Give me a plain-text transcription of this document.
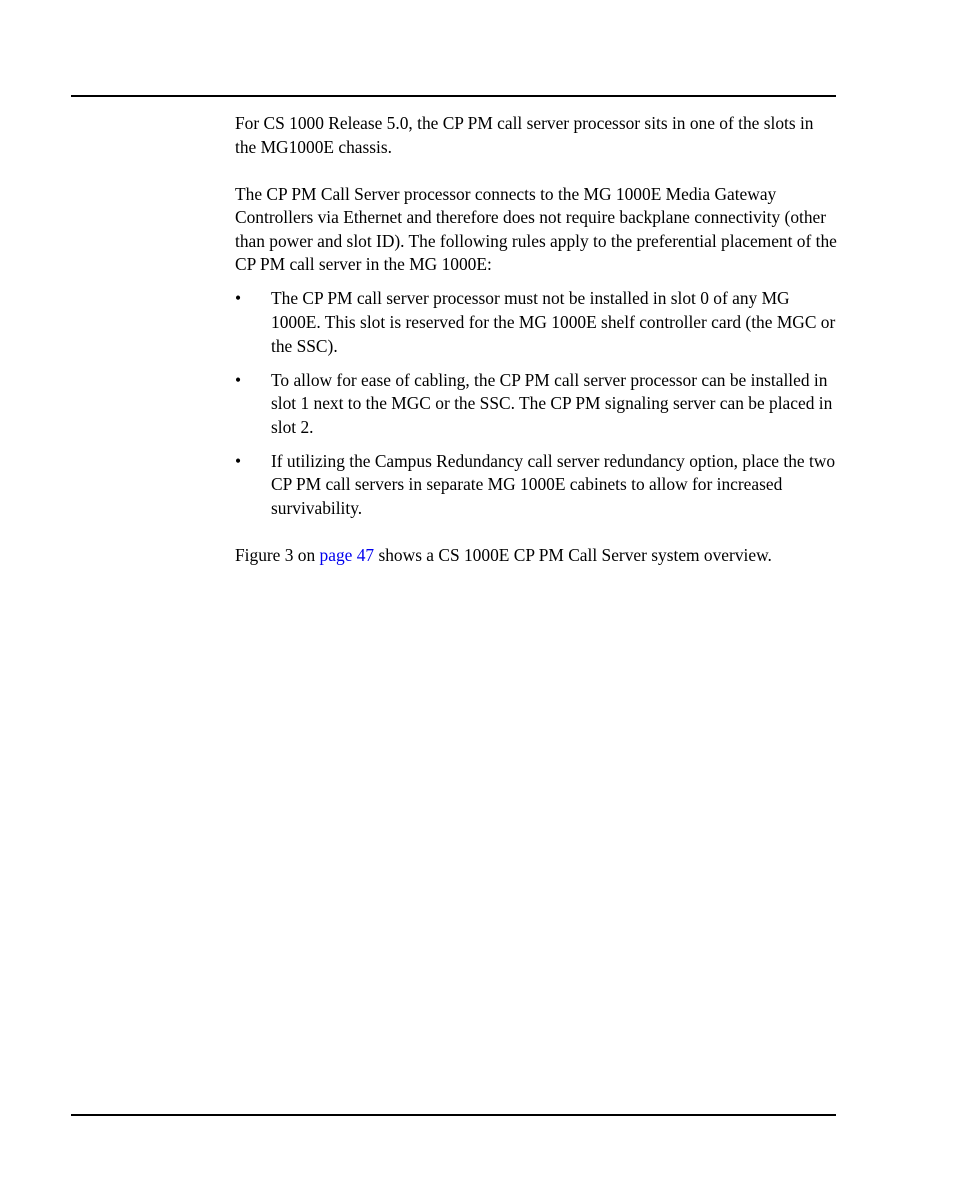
For CS 1000 Release 5.0, the CP PM call server processor sits in one of the slots in the MG1000E chassis.

The CP PM Call Server processor connects to the MG 1000E Media Gateway Controllers via Ethernet and therefore does not require backplane connectivity (other than power and slot ID). The following rules apply to the preferential placement of the CP PM call server in the MG 1000E:

• The CP PM call server processor must not be installed in slot 0 of any MG 1000E. This slot is reserved for the MG 1000E shelf controller card (the MGC or the SSC).
• To allow for ease of cabling, the CP PM call server processor can be installed in slot 1 next to the MGC or the SSC. The CP PM signaling server can be placed in slot 2.
• If utilizing the Campus Redundancy call server redundancy option, place the two CP PM call servers in separate MG 1000E cabinets to allow for increased survivability.

Figure 3 on page 47 shows a CS 1000E CP PM Call Server system overview.
